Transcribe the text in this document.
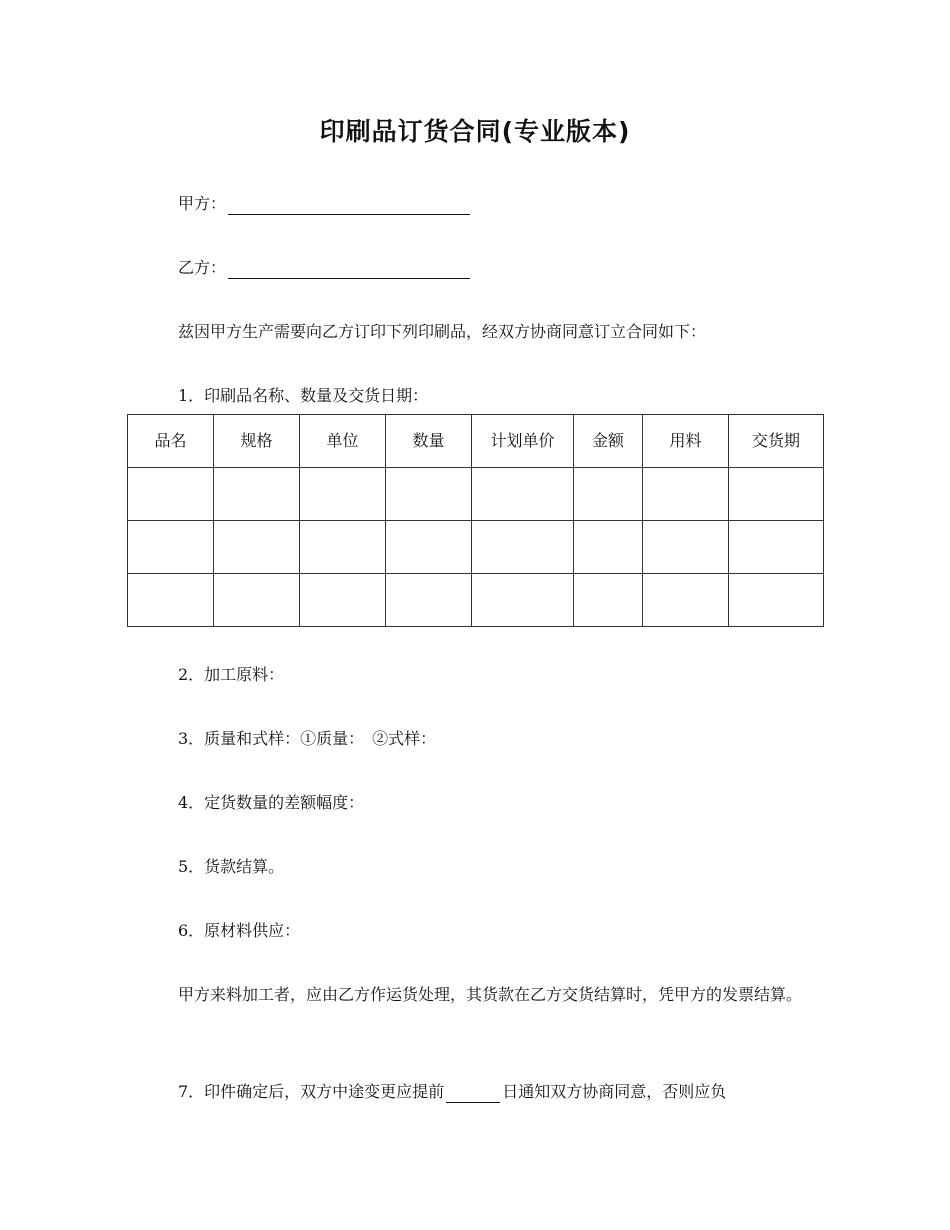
印刷品订货合同(专业版本)
甲方：
乙方：
兹因甲方生产需要向乙方订印下列印刷品，经双方协商同意订立合同如下：
1．印刷品名称、数量及交货日期：
品名	规格	单位	数量	计划单价	金额	用料	交货期

2．加工原料：
3．质量和式样：①质量：　②式样：
4．定货数量的差额幅度：
5．货款结算。
6．原材料供应：
甲方来料加工者，应由乙方作运货处理，其货款在乙方交货结算时，凭甲方的发票结算。
7．印件确定后，双方中途变更应提前	日通知双方协商同意，否则应负
